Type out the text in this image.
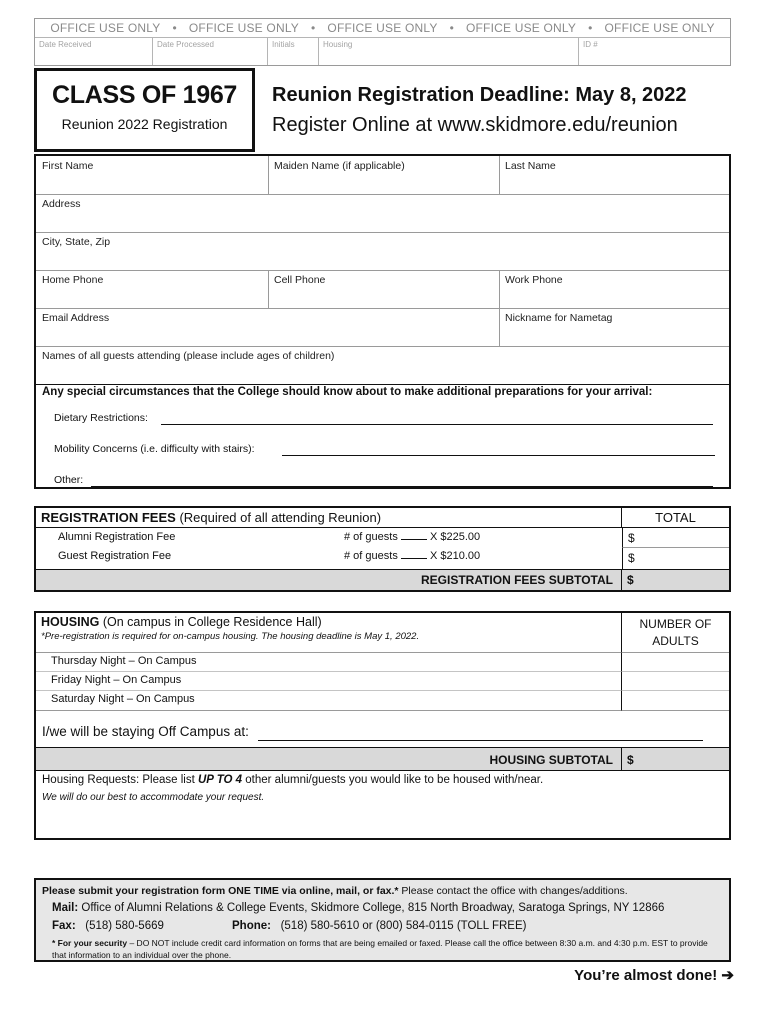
OFFICE USE ONLY • OFFICE USE ONLY • OFFICE USE ONLY • OFFICE USE ONLY • OFFICE USE ONLY
Date Received	Date Processed	Initials	Housing	ID #
CLASS OF 1967
Reunion 2022 Registration
Reunion Registration Deadline: May 8, 2022
Register Online at www.skidmore.edu/reunion
First Name	Maiden Name (if applicable)	Last Name
Address
City, State, Zip
Home Phone	Cell Phone	Work Phone
Email Address	Nickname for Nametag
Names of all guests attending (please include ages of children)
Any special circumstances that the College should know about to make additional preparations for your arrival:
Dietary Restrictions:
Mobility Concerns (i.e. difficulty with stairs):
Other:
REGISTRATION FEES (Required of all attending Reunion)	TOTAL
Alumni Registration Fee	# of guests	X $225.00	$
Guest Registration Fee	# of guests	X $210.00	$
REGISTRATION FEES SUBTOTAL	$
HOUSING (On campus in College Residence Hall)
*Pre-registration is required for on-campus housing. The housing deadline is May 1, 2022.
NUMBER OF
ADULTS
Thursday Night – On Campus
Friday Night – On Campus
Saturday Night – On Campus
I/we will be staying Off Campus at:
HOUSING SUBTOTAL	$
Housing Requests: Please list UP TO 4 other alumni/guests you would like to be housed with/near.
We will do our best to accommodate your request.
Please submit your registration form ONE TIME via online, mail, or fax.* Please contact the office with changes/additions.
Mail: Office of Alumni Relations & College Events, Skidmore College, 815 North Broadway, Saratoga Springs, NY 12866
Fax: (518) 580-5669	Phone: (518) 580-5610 or (800) 584-0115 (TOLL FREE)
* For your security – DO NOT include credit card information on forms that are being emailed or faxed. Please call the office between 8:30 a.m. and 4:30 p.m. EST to provide that information to an individual over the phone.
You’re almost done! ➔
